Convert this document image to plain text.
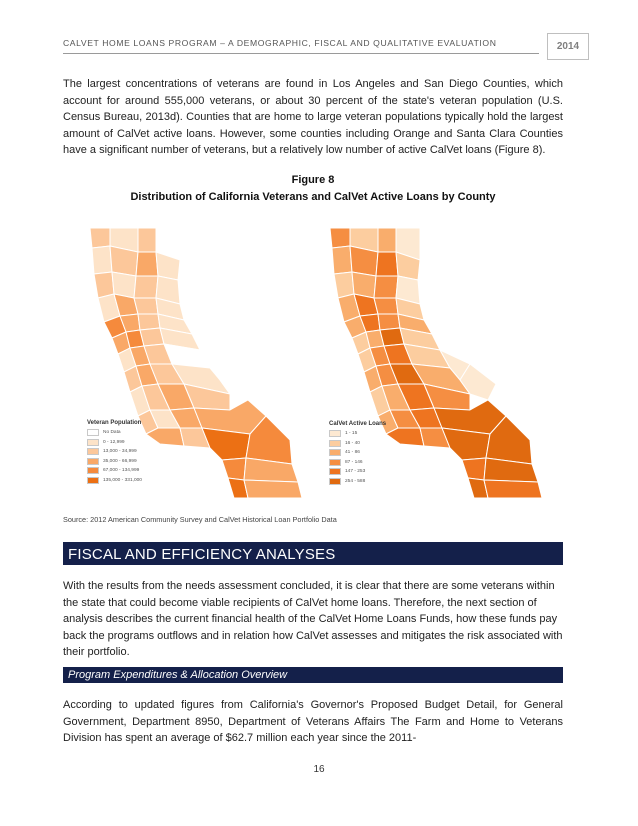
CALVET HOME LOANS PROGRAM – A DEMOGRAPHIC, FISCAL AND QUALITATIVE EVALUATION	2014

The largest concentrations of veterans are found in Los Angeles and San Diego Counties, which account for around 555,000 veterans, or about 30 percent of the state's veteran population (U.S. Census Bureau, 2013d). Counties that are home to large veteran populations typically hold the largest amount of CalVet active loans. However, some counties including Orange and Santa Clara Counties have a significant number of veterans, but a relatively low number of active CalVet loans (Figure 8).

Figure 8
Distribution of California Veterans and CalVet Active Loans by County
Veteran Population
No Data
0 - 12,999
13,000 - 34,999
35,000 - 66,999
67,000 - 134,999
135,000 - 331,000
CalVet Active Loans
1 - 15
16 - 40
41 - 86
87 - 146
147 - 253
254 - 588
Source: 2012 American Community Survey and CalVet Historical Loan Portfolio Data
FISCAL AND EFFICIENCY ANALYSES

With the results from the needs assessment concluded, it is clear that there are some veterans within the state that could become viable recipients of CalVet home loans. Therefore, the next section of analysis describes the current financial health of the CalVet Home Loans Funds, how these funds pay back the programs outflows and in relation how CalVet assesses and mitigates the risk associated with their portfolio.

Program Expenditures & Allocation Overview

According to updated figures from California's Governor's Proposed Budget Detail, for General Government, Department 8950, Department of Veterans Affairs The Farm and Home to Veterans Division has spent an average of $62.7 million each year since the 2011-

16
